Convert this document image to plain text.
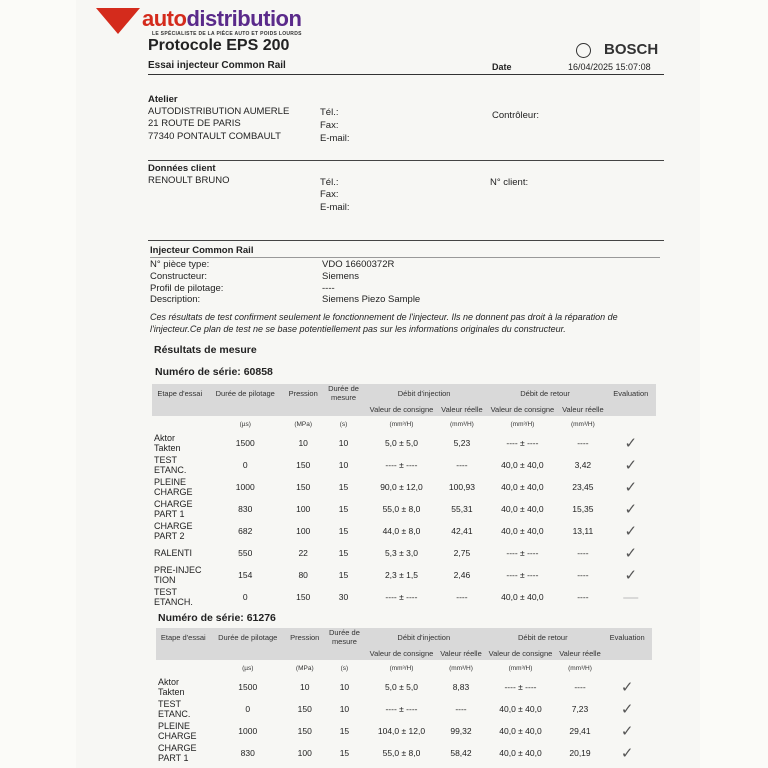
autodistribution
LE SPÉCIALISTE DE LA PIÈCE AUTO ET POIDS LOURDS
Protocole EPS 200	BOSCH
Essai injecteur Common Rail	Date	16/04/2025 15:07:08
Atelier
AUTODISTRIBUTION AUMERLE
21 ROUTE DE PARIS
77340 PONTAULT COMBAULT
Tél.:
Fax:
E-mail:
Contrôleur:
Données client
RENOULT BRUNO	Tél.:
Fax:
E-mail:
N° client:
Injecteur Common Rail
N° pièce type:	VDO 16600372R
Constructeur:	Siemens
Profil de pilotage:	----
Description:	Siemens Piezo Sample
Ces résultats de test confirment seulement le fonctionnement de l'injecteur. Ils ne donnent pas droit à la réparation de l'injecteur.Ce plan de test ne se base potentiellement pas sur les informations originales du constructeur.
Résultats de mesure
Numéro de série: 60858
Etape d'essai	Durée de pilotage	Pression	Durée de mesure	Débit d'injection		Débit de retour		Evaluation
				Valeur de consigne	Valeur réelle	Valeur de consigne	Valeur réelle	
	(µs)	(MPa)	(s)	(mm³/H)	(mm³/H)	(mm³/H)	(mm³/H)	
Aktor
Takten	1500	10	10	5,0 ± 5,0	5,23	---- ± ----	----	✓
TEST
ETANC.	0	150	10	---- ± ----	----	40,0 ± 40,0	3,42	✓
PLEINE
CHARGE	1000	150	15	90,0 ± 12,0	100,93	40,0 ± 40,0	23,45	✓
CHARGE
PART 1	830	100	15	55,0 ± 8,0	55,31	40,0 ± 40,0	15,35	✓
CHARGE
PART 2	682	100	15	44,0 ± 8,0	42,41	40,0 ± 40,0	13,11	✓
RALENTI	550	22	15	5,3 ± 3,0	2,75	---- ± ----	----	✓
PRE-INJEC
TION	154	80	15	2,3 ± 1,5	2,46	---- ± ----	----	✓
TEST
ETANCH.	0	150	30	---- ± ----	----	40,0 ± 40,0	----	—
Numéro de série: 61276
Etape d'essai	Durée de pilotage	Pression	Durée de mesure	Débit d'injection		Débit de retour		Evaluation
				Valeur de consigne	Valeur réelle	Valeur de consigne	Valeur réelle	
	(µs)	(MPa)	(s)	(mm³/H)	(mm³/H)	(mm³/H)	(mm³/H)	
Aktor
Takten	1500	10	10	5,0 ± 5,0	8,83	---- ± ----	----	✓
TEST
ETANC.	0	150	10	---- ± ----	----	40,0 ± 40,0	7,23	✓
PLEINE
CHARGE	1000	150	15	104,0 ± 12,0	99,32	40,0 ± 40,0	29,41	✓
CHARGE
PART 1	830	100	15	55,0 ± 8,0	58,42	40,0 ± 40,0	20,19	✓
